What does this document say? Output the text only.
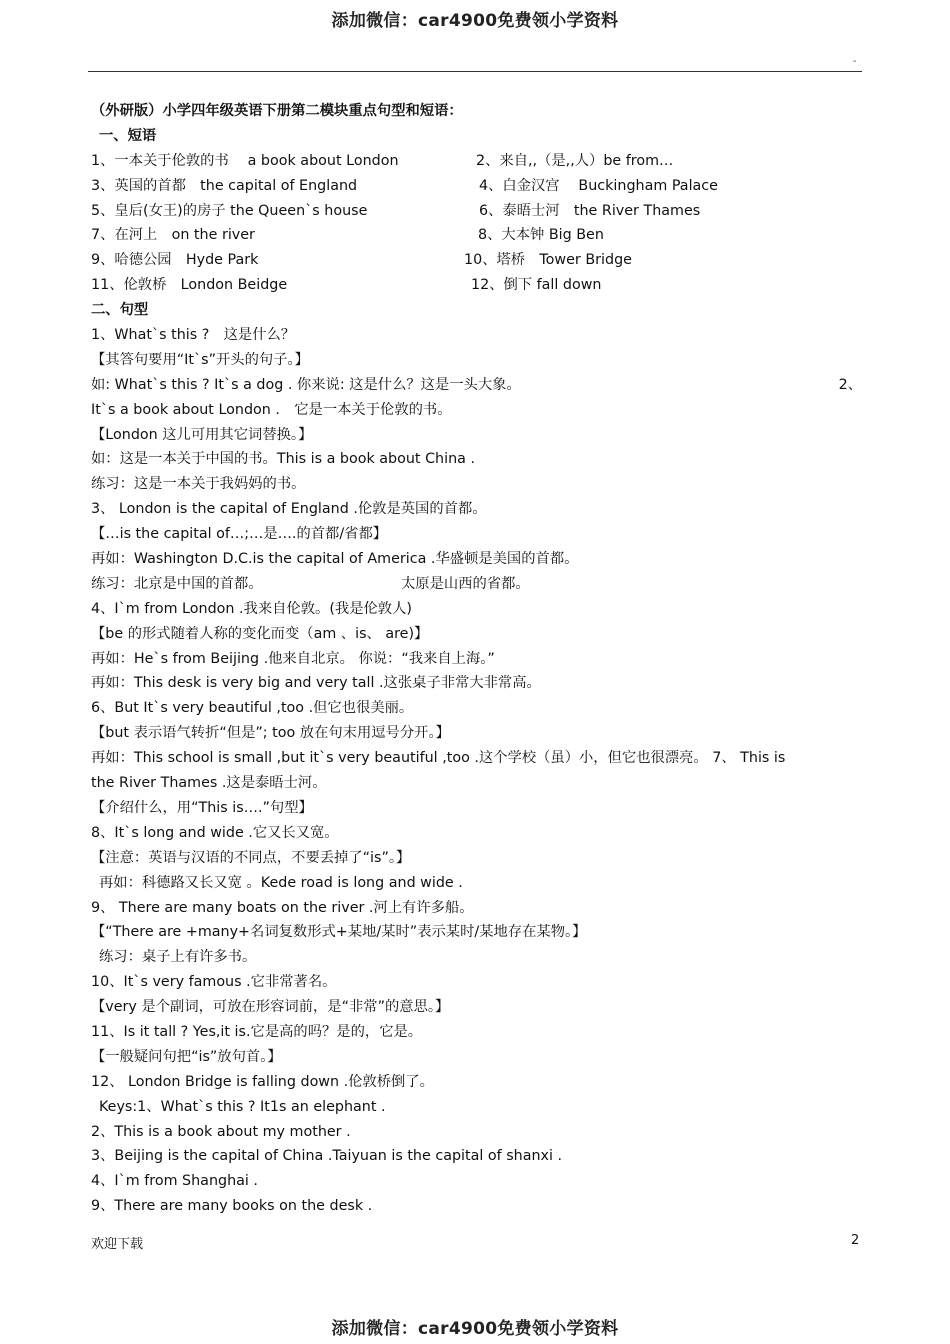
添加微信：car4900免费领小学资料
-
（外研版）小学四年级英语下册第二模块重点句型和短语：
一、短语
1、一本关于伦敦的书　 a book about London	2、来自,,（是,,人）be from…
3、英国的首都　the capital of England	4、白金汉宫　 Buckingham Palace
5、皇后(女王)的房子 the Queen`s house	6、泰晤士河　the River Thames
7、在河上　on the river	8、大本钟 Big Ben
9、哈德公园　Hyde Park	10、塔桥　Tower Bridge
11、伦敦桥　London Beidge	12、倒下 fall down
二、句型
1、What`s this ?　这是什么？
【其答句要用“It`s”开头的句子。】
如: What`s this ? It`s a dog . 你来说: 这是什么？这是一头大象。	2、
It`s a book about London .　它是一本关于伦敦的书。
【London 这儿可用其它词替换。】
如：这是一本关于中国的书。This is a book about China .
练习：这是一本关于我妈妈的书。
3、 London is the capital of England .伦敦是英国的首都。
【…is the capital of…;…是….的首都/省都】
再如：Washington D.C.is the capital of America .华盛顿是美国的首都。
练习：北京是中国的首都。	太原是山西的省都。
4、I`m from London .我来自伦敦。(我是伦敦人)
【be 的形式随着人称的变化而变（am 、is、 are)】
再如：He`s from Beijing .他来自北京。 你说：“我来自上海。”
再如：This desk is very big and very tall .这张桌子非常大非常高。
6、But It`s very beautiful ,too .但它也很美丽。
【but 表示语气转折“但是”; too 放在句末用逗号分开。】
再如：This school is small ,but it`s very beautiful ,too .这个学校（虽）小，但它也很漂亮。 7、 This is
the River Thames .这是泰晤士河。
【介绍什么，用“This is….”句型】
8、It`s long and wide .它又长又宽。
【注意：英语与汉语的不同点，不要丢掉了“is”。】
再如：科德路又长又宽 。Kede road is long and wide .
9、 There are many boats on the river .河上有许多船。
【“There are +many+名词复数形式+某地/某时”表示某时/某地存在某物。】
练习：桌子上有许多书。
10、It`s very famous .它非常著名。
【very 是个副词，可放在形容词前，是“非常”的意思。】
11、Is it tall ? Yes,it is.它是高的吗？是的，它是。
【一般疑问句把“is”放句首。】
12、 London Bridge is falling down .伦敦桥倒了。
Keys:1、What`s this ? It1s an elephant .
2、This is a book about my mother .
3、Beijing is the capital of China .Taiyuan is the capital of shanxi .
4、I`m from Shanghai .
9、There are many books on the desk .
欢迎下载	2
添加微信：car4900免费领小学资料
